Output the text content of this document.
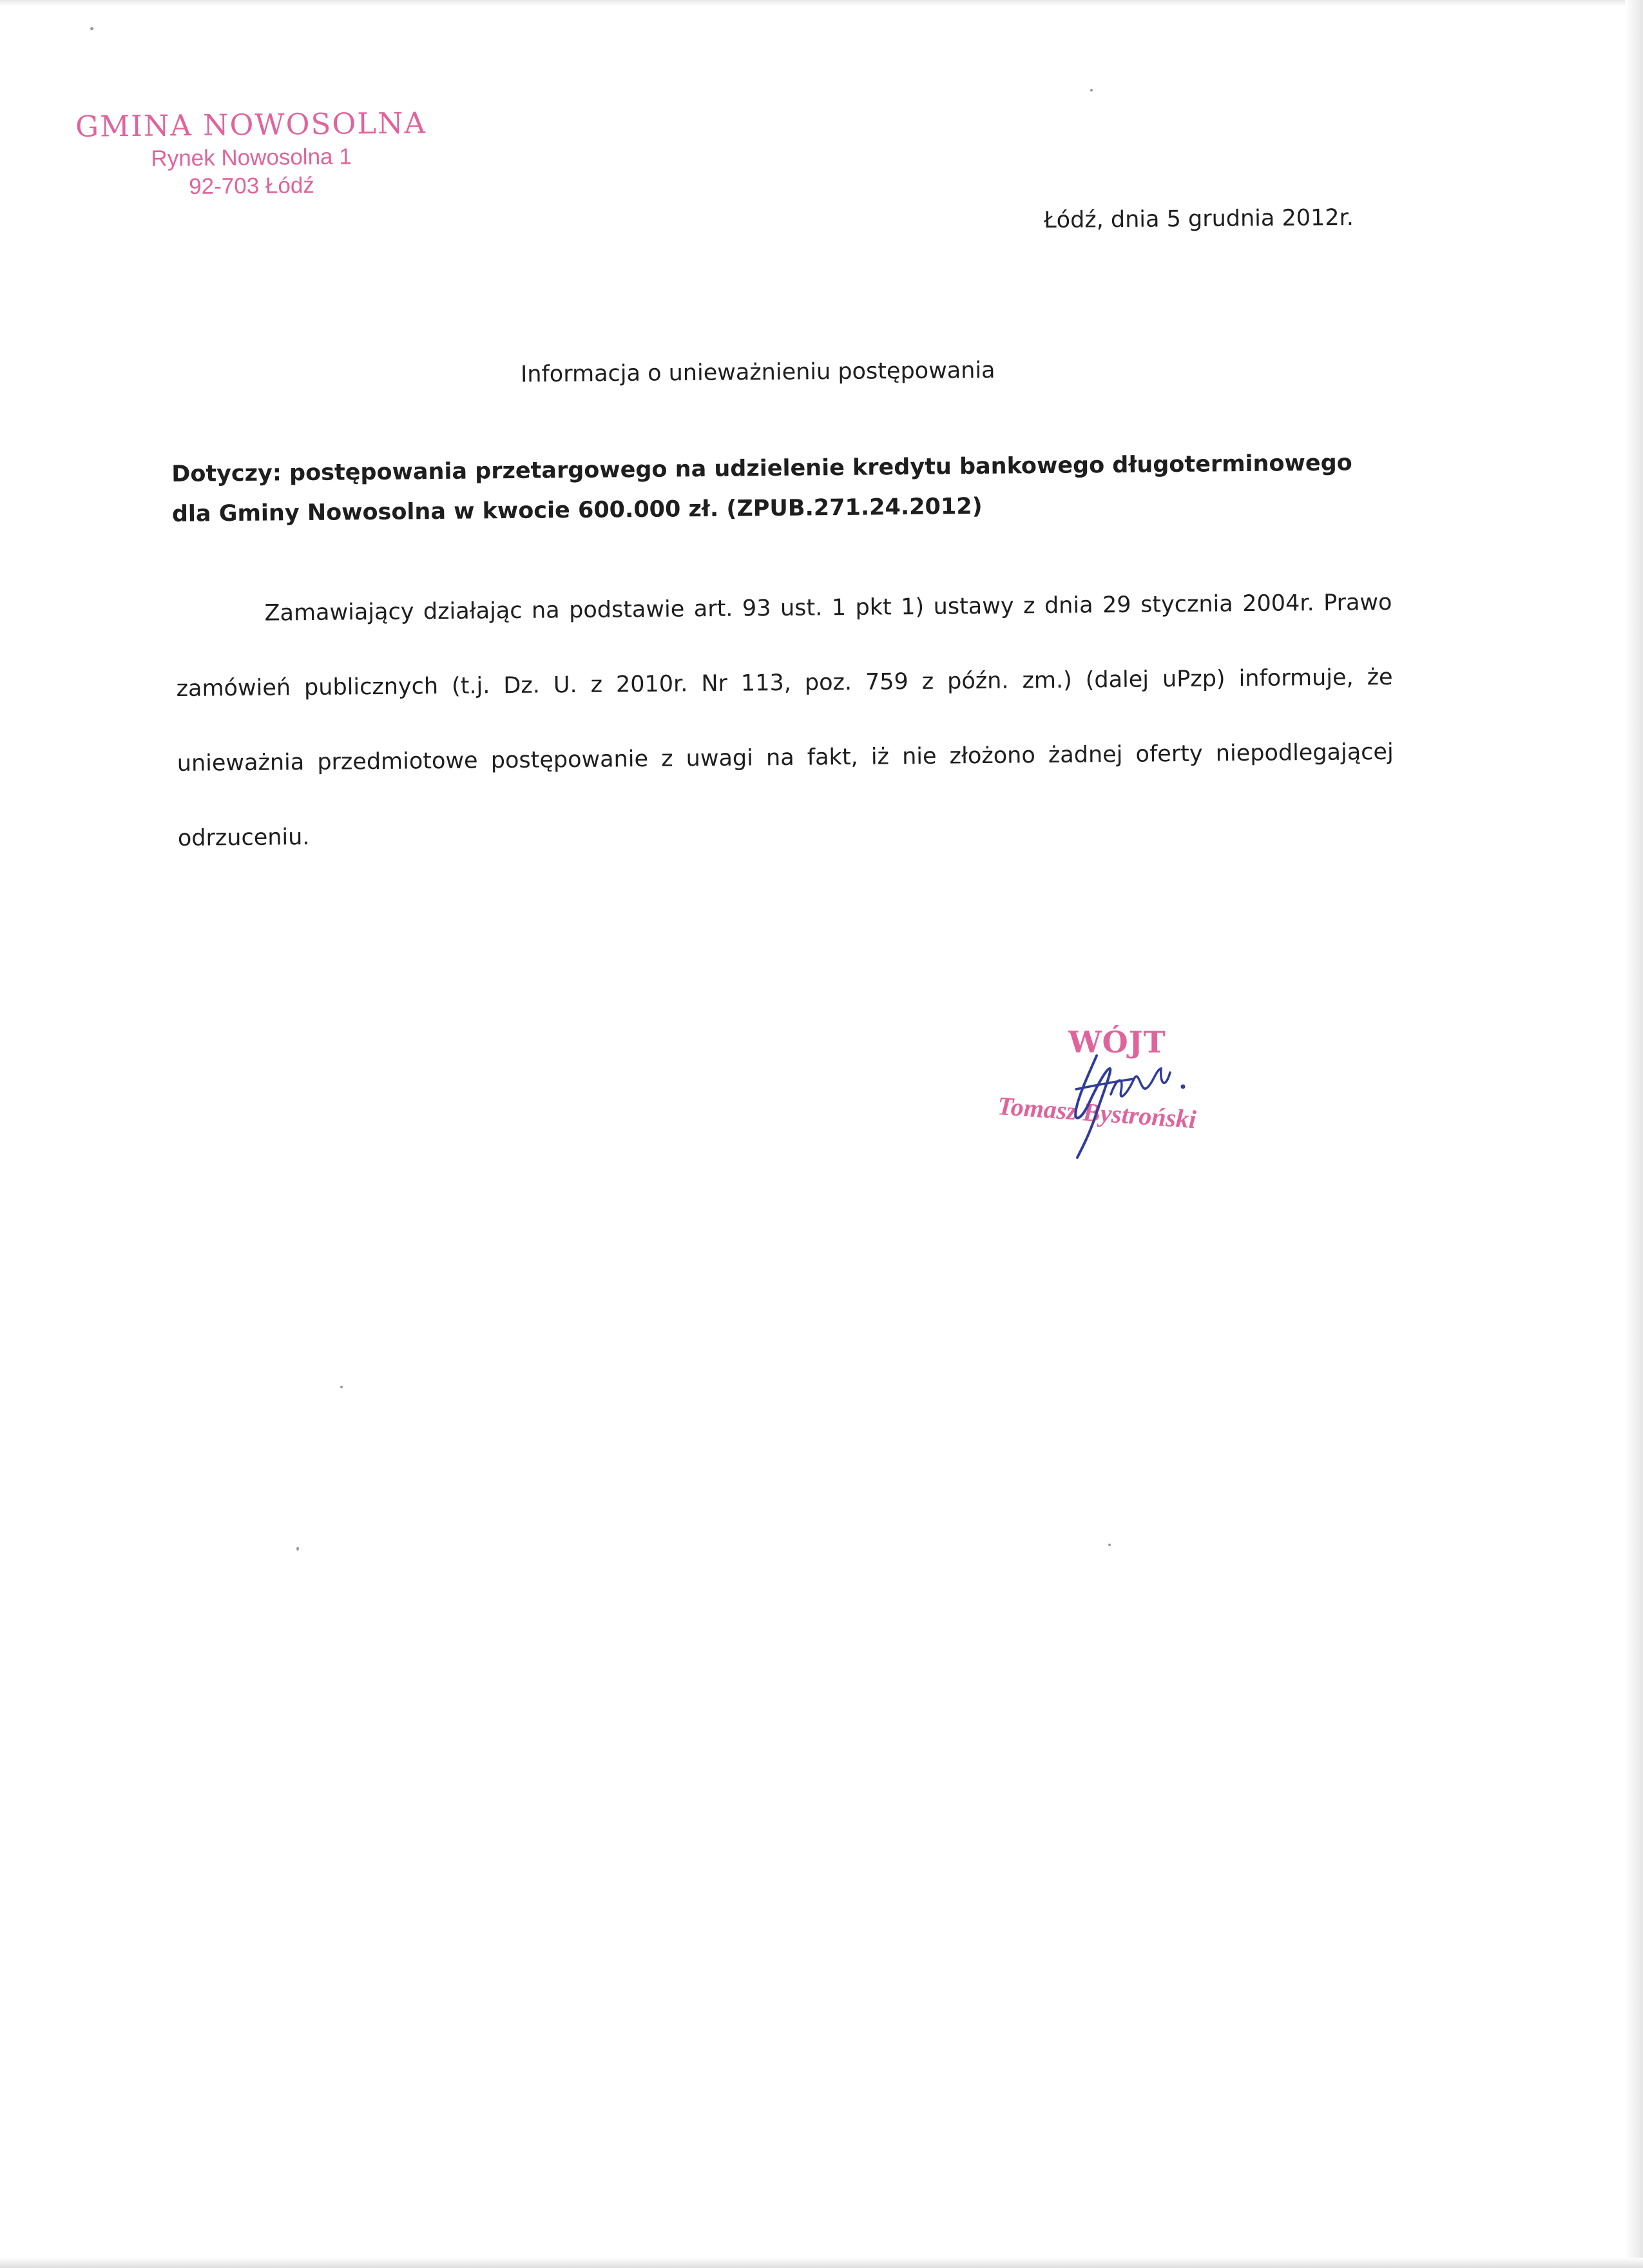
GMINA NOWOSOLNA
Rynek Nowosolna 1
92-703 Łódź
Łódź, dnia 5 grudnia 2012r.
Informacja o unieważnieniu postępowania
Dotyczy: postępowania przetargowego na udzielenie kredytu bankowego długoterminowego dla Gminy Nowosolna w kwocie 600.000 zł. (ZPUB.271.24.2012)
Zamawiający działając na podstawie art. 93 ust. 1 pkt 1) ustawy z dnia 29 stycznia 2004r. Prawo zamówień publicznych (t.j. Dz. U. z 2010r. Nr 113, poz. 759 z późn. zm.) (dalej uPzp) informuje, że unieważnia przedmiotowe postępowanie z uwagi na fakt, iż nie złożono żadnej oferty niepodlegającej odrzuceniu.
WÓJT
Tomasz Bystroński
